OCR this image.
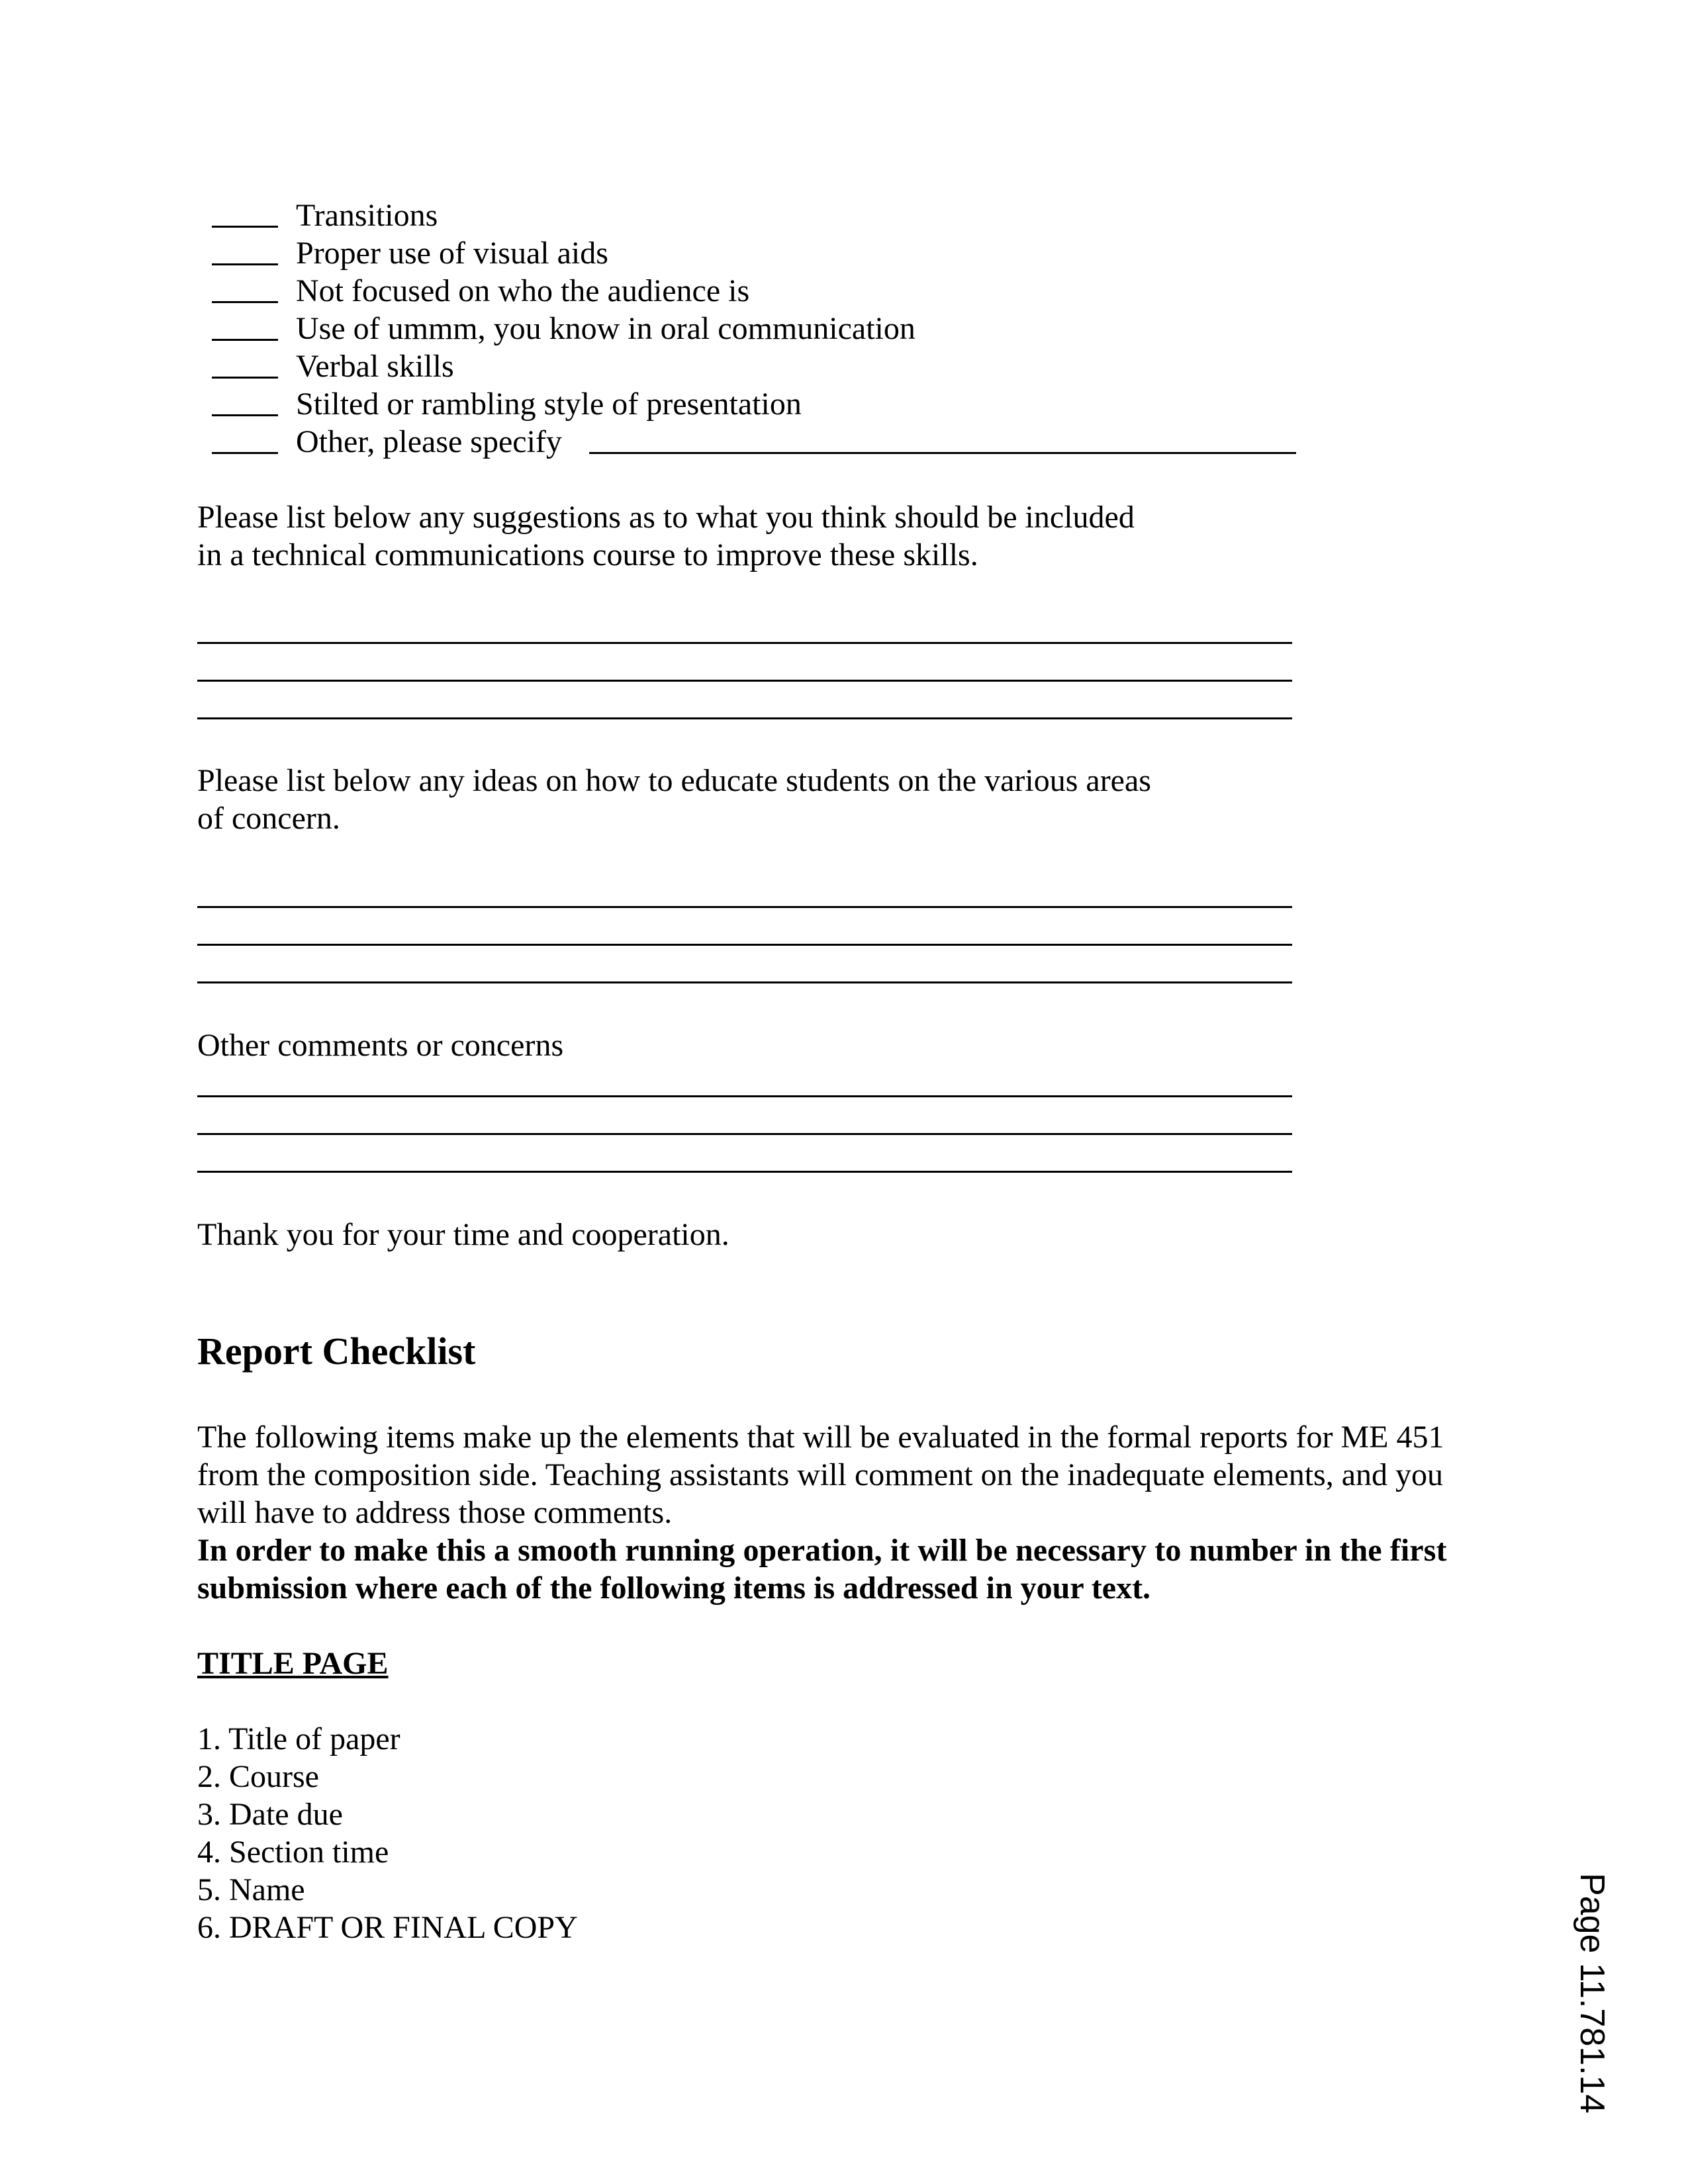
Transitions
Proper use of visual aids
Not focused on who the audience is
Use of ummm, you know in oral communication
Verbal skills
Stilted or rambling style of presentation
Other, please specify
Please list below any suggestions as to what you think should be included
in a technical communications course to improve these skills.
Please list below any ideas on how to educate students on the various areas
of concern.
Other comments or concerns
Thank you for your time and cooperation.
Report Checklist
The following items make up the elements that will be evaluated in the formal reports for ME 451
from the composition side. Teaching assistants will comment on the inadequate elements, and you
will have to address those comments.
In order to make this a smooth running operation, it will be necessary to number in the first
submission where each of the following items is addressed in your text.
TITLE PAGE
1. Title of paper
2. Course
3. Date due
4. Section time
5. Name
6. DRAFT OR FINAL COPY	Page 11.781.14
